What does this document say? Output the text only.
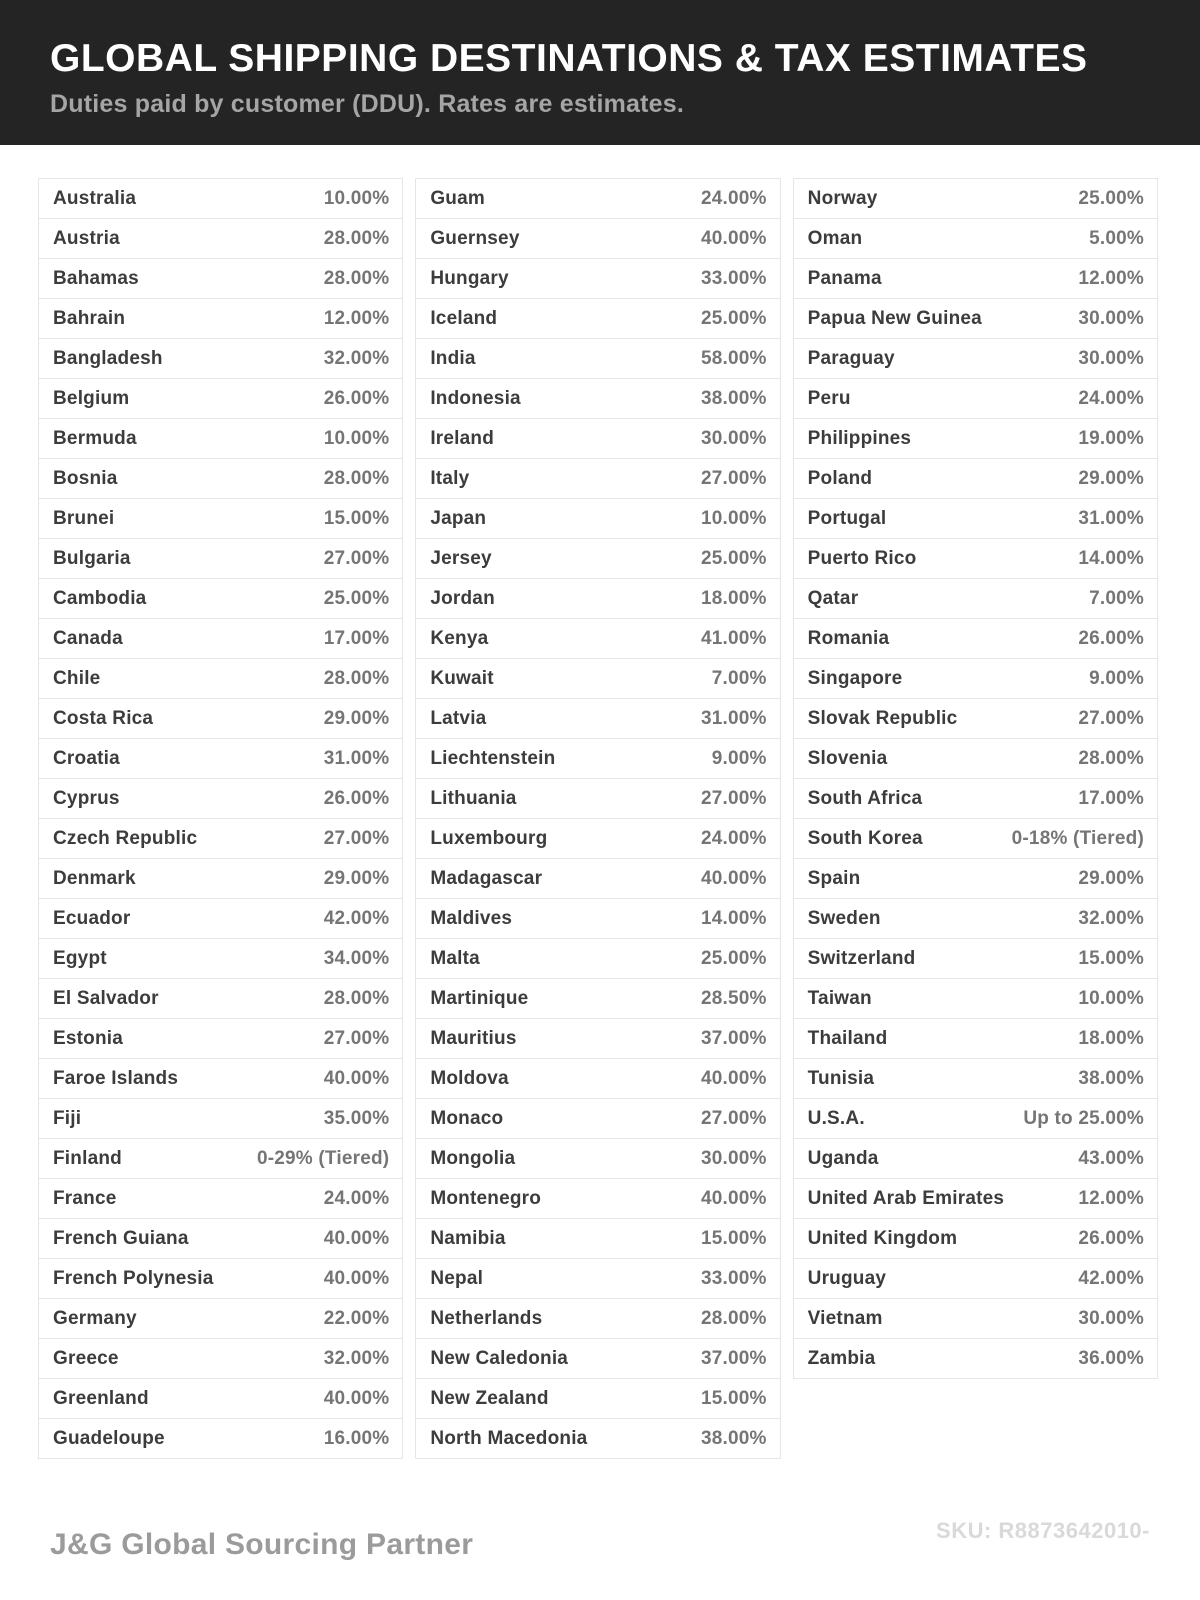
GLOBAL SHIPPING DESTINATIONS & TAX ESTIMATES
Duties paid by customer (DDU). Rates are estimates.
Australia	10.00%
Austria	28.00%
Bahamas	28.00%
Bahrain	12.00%
Bangladesh	32.00%
Belgium	26.00%
Bermuda	10.00%
Bosnia	28.00%
Brunei	15.00%
Bulgaria	27.00%
Cambodia	25.00%
Canada	17.00%
Chile	28.00%
Costa Rica	29.00%
Croatia	31.00%
Cyprus	26.00%
Czech Republic	27.00%
Denmark	29.00%
Ecuador	42.00%
Egypt	34.00%
El Salvador	28.00%
Estonia	27.00%
Faroe Islands	40.00%
Fiji	35.00%
Finland	0-29% (Tiered)
France	24.00%
French Guiana	40.00%
French Polynesia	40.00%
Germany	22.00%
Greece	32.00%
Greenland	40.00%
Guadeloupe	16.00%
Guam	24.00%
Guernsey	40.00%
Hungary	33.00%
Iceland	25.00%
India	58.00%
Indonesia	38.00%
Ireland	30.00%
Italy	27.00%
Japan	10.00%
Jersey	25.00%
Jordan	18.00%
Kenya	41.00%
Kuwait	7.00%
Latvia	31.00%
Liechtenstein	9.00%
Lithuania	27.00%
Luxembourg	24.00%
Madagascar	40.00%
Maldives	14.00%
Malta	25.00%
Martinique	28.50%
Mauritius	37.00%
Moldova	40.00%
Monaco	27.00%
Mongolia	30.00%
Montenegro	40.00%
Namibia	15.00%
Nepal	33.00%
Netherlands	28.00%
New Caledonia	37.00%
New Zealand	15.00%
North Macedonia	38.00%
Norway	25.00%
Oman	5.00%
Panama	12.00%
Papua New Guinea	30.00%
Paraguay	30.00%
Peru	24.00%
Philippines	19.00%
Poland	29.00%
Portugal	31.00%
Puerto Rico	14.00%
Qatar	7.00%
Romania	26.00%
Singapore	9.00%
Slovak Republic	27.00%
Slovenia	28.00%
South Africa	17.00%
South Korea	0-18% (Tiered)
Spain	29.00%
Sweden	32.00%
Switzerland	15.00%
Taiwan	10.00%
Thailand	18.00%
Tunisia	38.00%
U.S.A.	Up to 25.00%
Uganda	43.00%
United Arab Emirates	12.00%
United Kingdom	26.00%
Uruguay	42.00%
Vietnam	30.00%
Zambia	36.00%
J&G Global Sourcing Partner	SKU: R8873642010-
